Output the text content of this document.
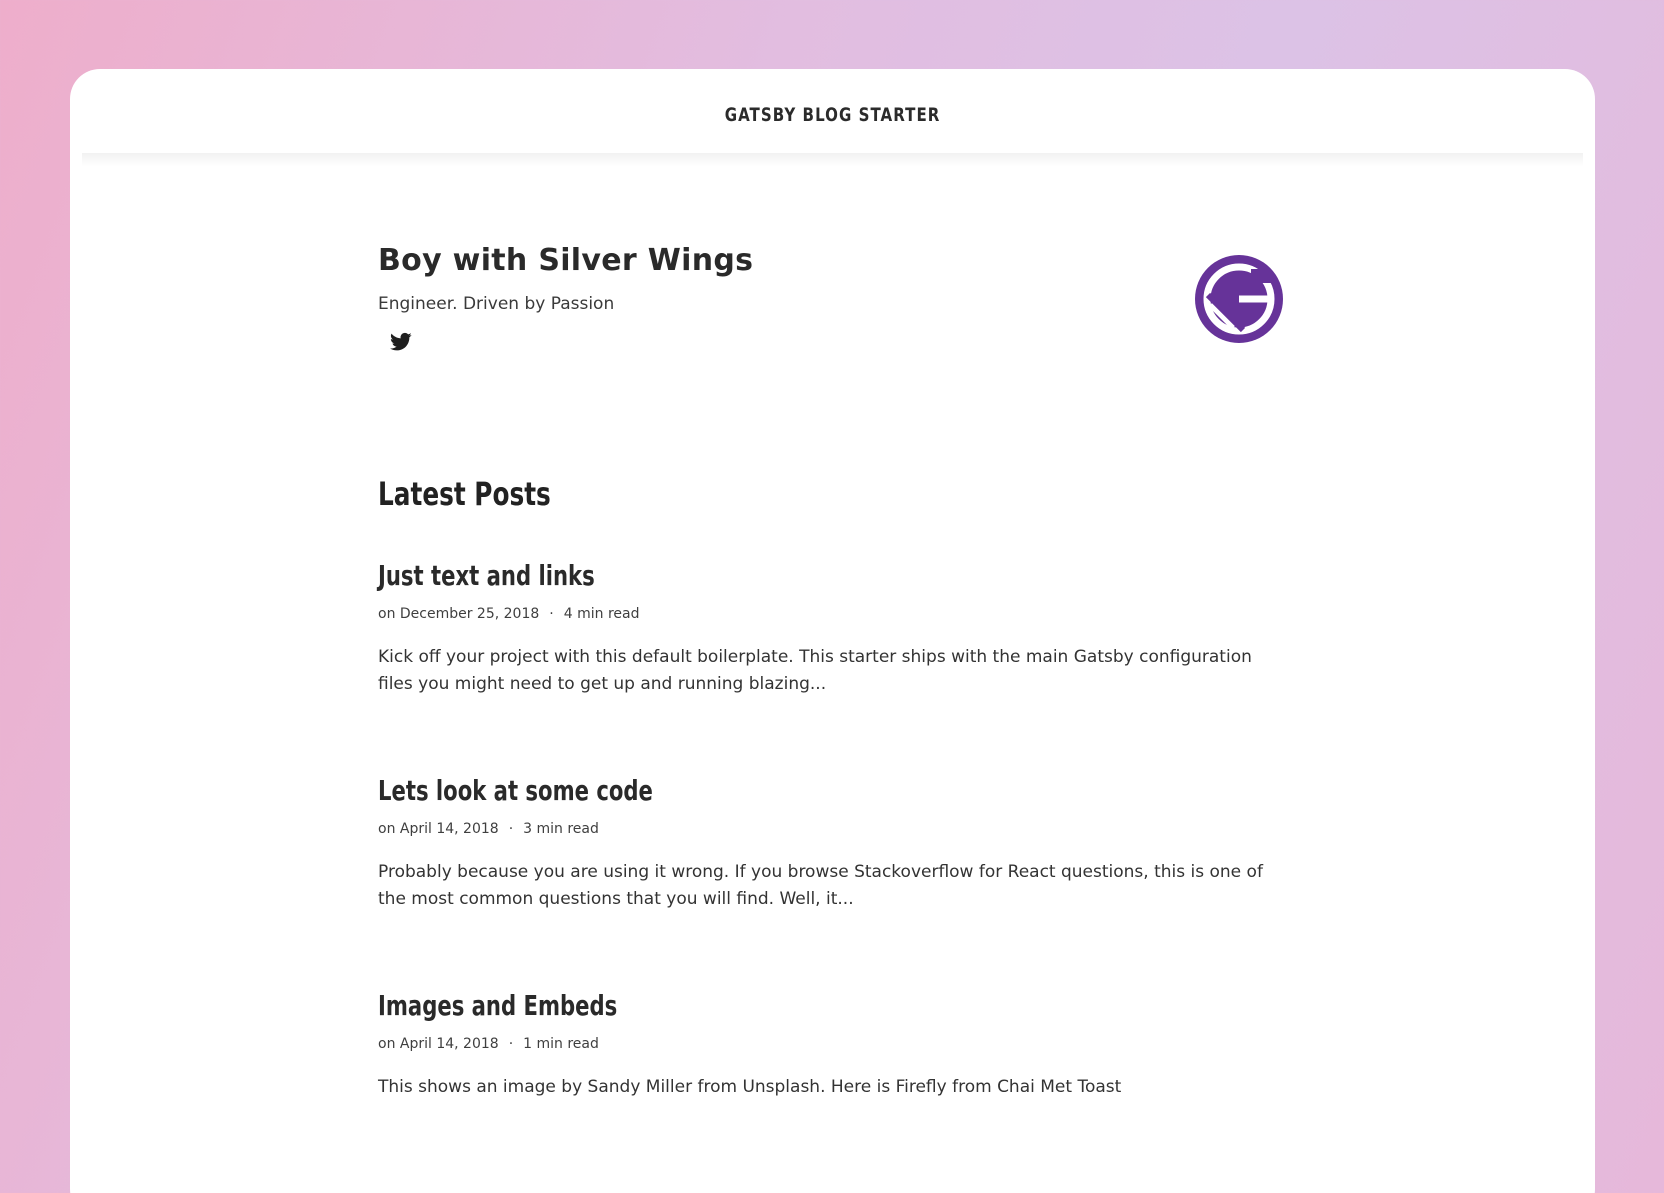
GATSBY BLOG STARTER
Boy with Silver Wings
Engineer. Driven by Passion
Latest Posts
Just text and links
on December 25, 2018 · 4 min read

Kick off your project with this default boilerplate. This starter ships with the main Gatsby configuration files you might need to get up and running blazing...

Lets look at some code
on April 14, 2018 · 3 min read

Probably because you are using it wrong. If you browse Stackoverflow for React questions, this is one of the most common questions that you will find. Well, it...

Images and Embeds
on April 14, 2018 · 1 min read

This shows an image by Sandy Miller from Unsplash. Here is Firefly from Chai Met Toast
